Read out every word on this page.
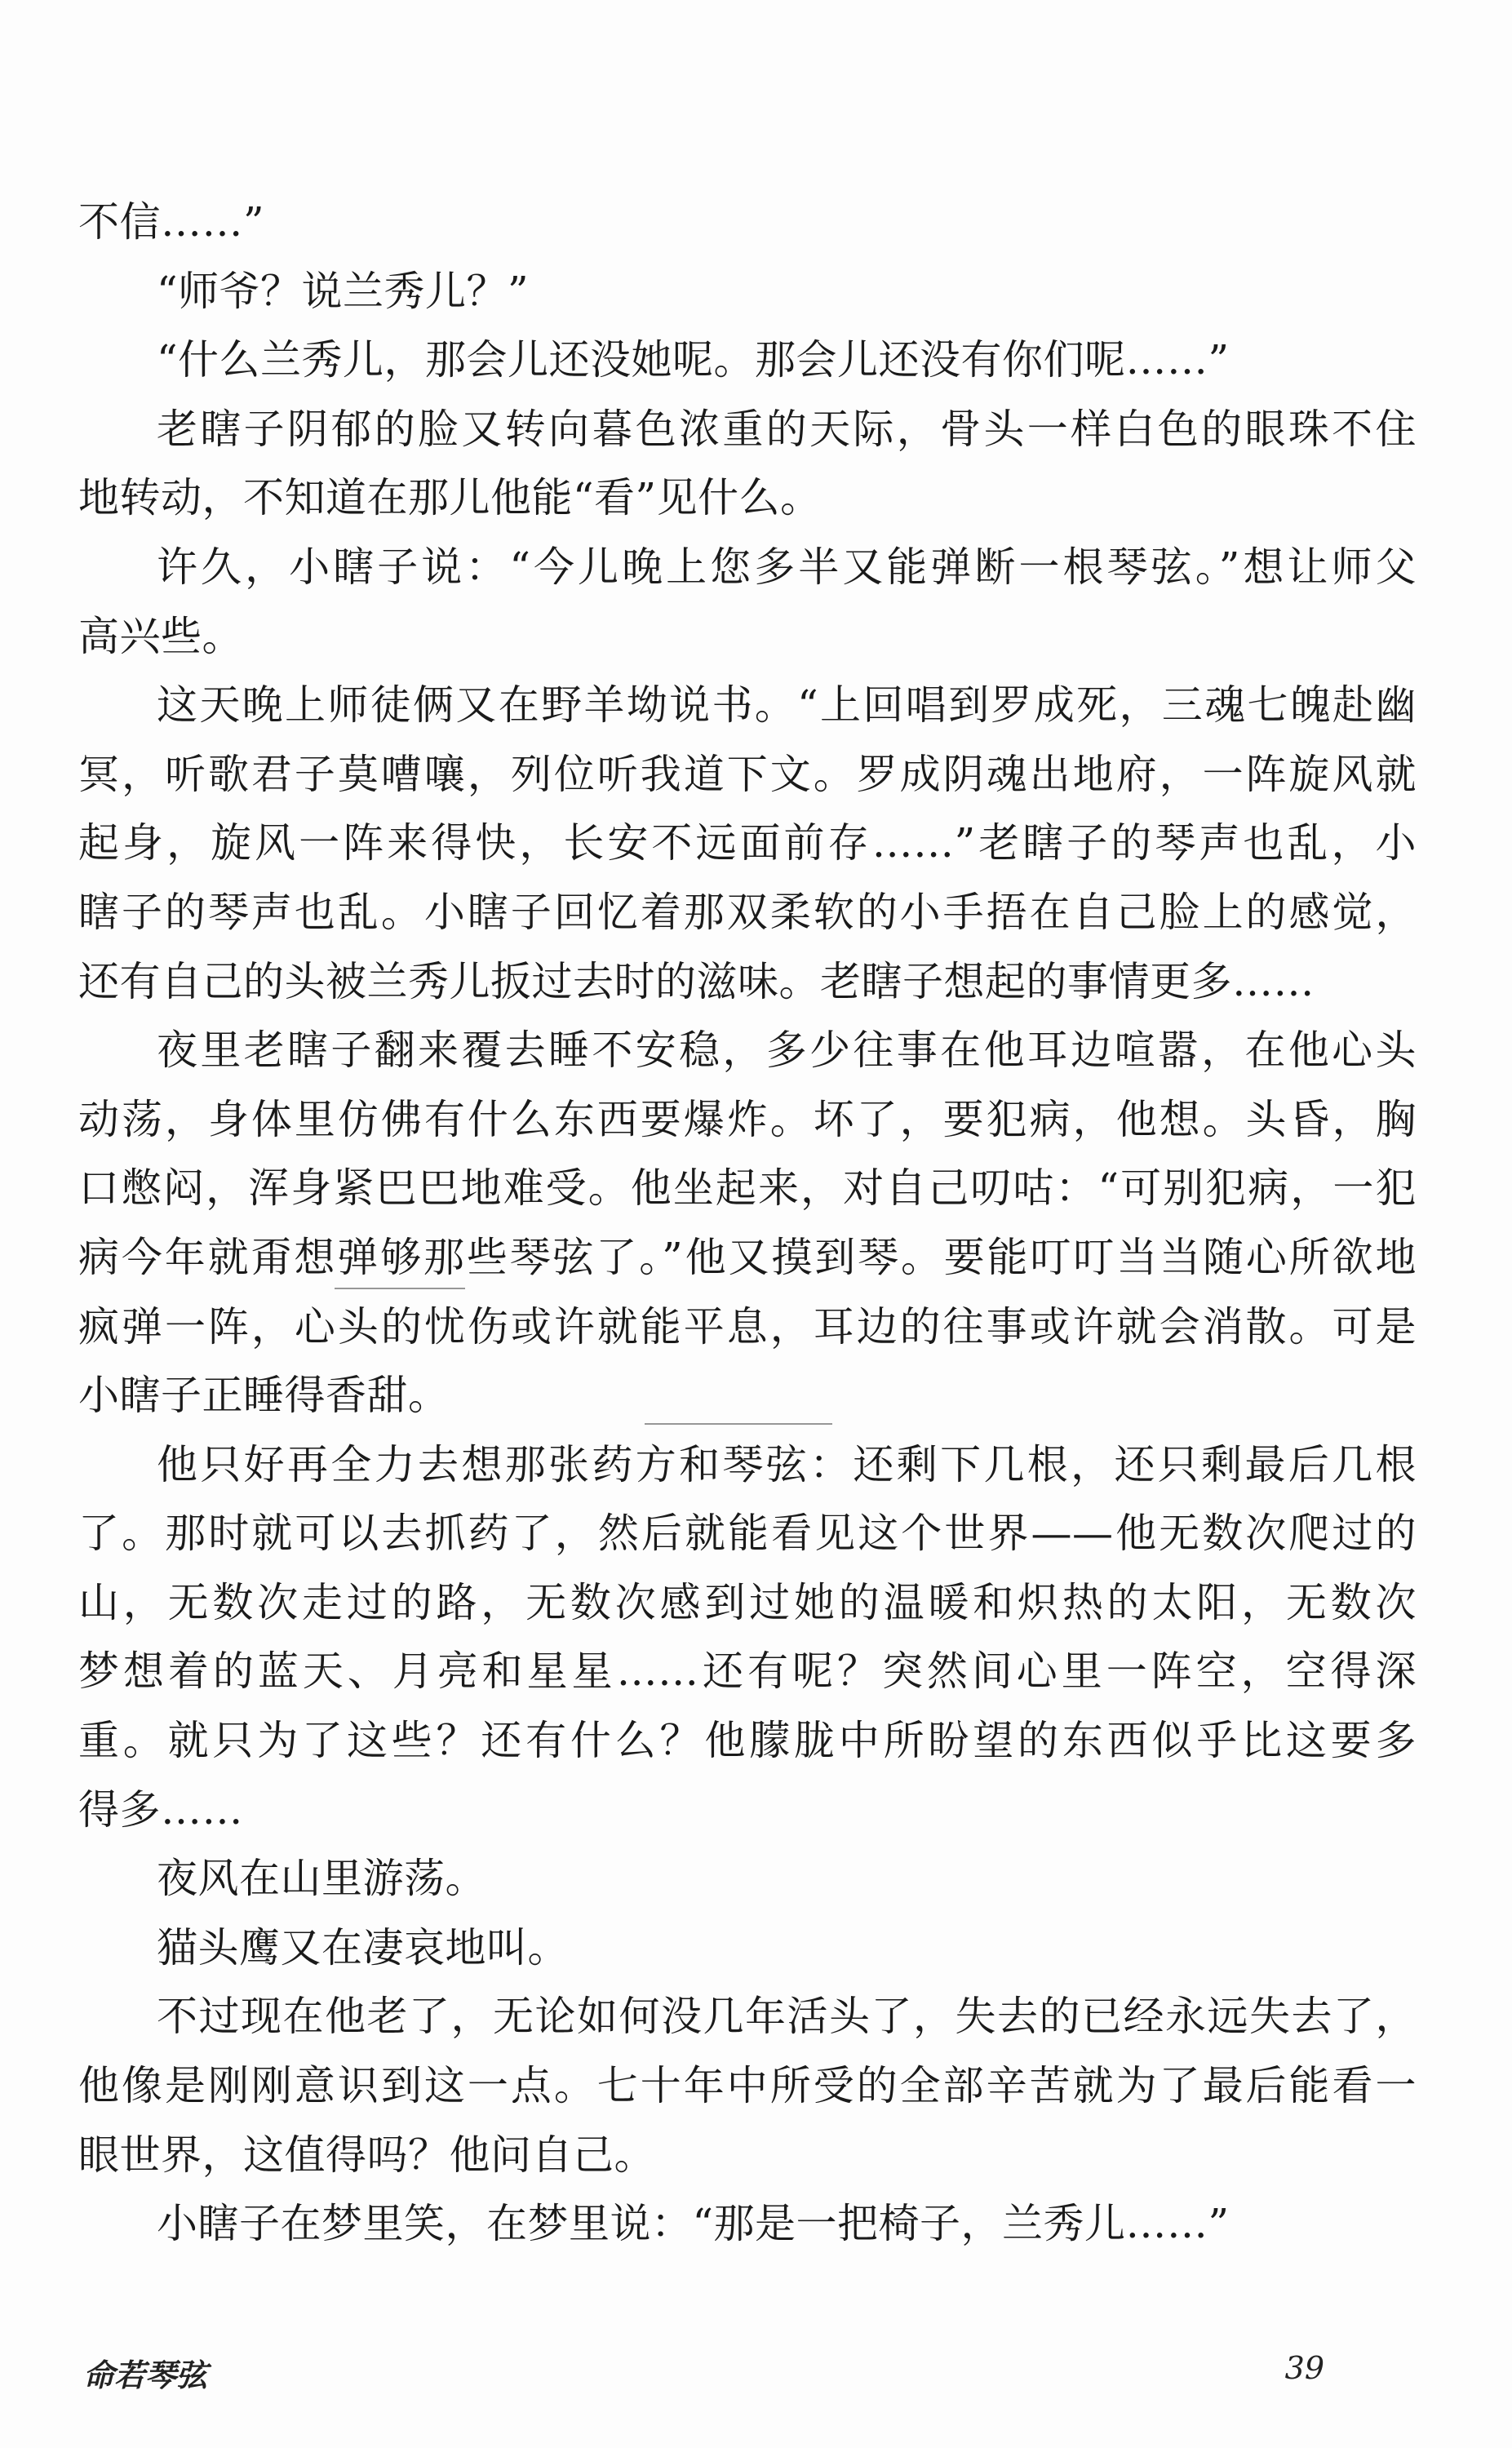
不信……”
“师爷？说兰秀儿？”
“什么兰秀儿，那会儿还没她呢。那会儿还没有你们呢……”
老瞎子阴郁的脸又转向暮色浓重的天际，骨头一样白色的眼珠不住
地转动，不知道在那儿他能“看”见什么。
许久，小瞎子说：“今儿晚上您多半又能弹断一根琴弦。”想让师父
高兴些。
这天晚上师徒俩又在野羊坳说书。“上回唱到罗成死，三魂七魄赴幽
冥，听歌君子莫嘈嚷，列位听我道下文。罗成阴魂出地府，一阵旋风就
起身，旋风一阵来得快，长安不远面前存……”老瞎子的琴声也乱，小
瞎子的琴声也乱。小瞎子回忆着那双柔软的小手捂在自己脸上的感觉，
还有自己的头被兰秀儿扳过去时的滋味。老瞎子想起的事情更多……
夜里老瞎子翻来覆去睡不安稳，多少往事在他耳边喧嚣，在他心头
动荡，身体里仿佛有什么东西要爆炸。坏了，要犯病，他想。头昏，胸
口憋闷，浑身紧巴巴地难受。他坐起来，对自己叨咕：“可别犯病，一犯
病今年就甭想弹够那些琴弦了。”他又摸到琴。要能叮叮当当随心所欲地
疯弹一阵，心头的忧伤或许就能平息，耳边的往事或许就会消散。可是
小瞎子正睡得香甜。
他只好再全力去想那张药方和琴弦：还剩下几根，还只剩最后几根
了。那时就可以去抓药了，然后就能看见这个世界——他无数次爬过的
山，无数次走过的路，无数次感到过她的温暖和炽热的太阳，无数次
梦想着的蓝天、月亮和星星……还有呢？突然间心里一阵空，空得深
重。就只为了这些？还有什么？他朦胧中所盼望的东西似乎比这要多
得多……
夜风在山里游荡。
猫头鹰又在凄哀地叫。
不过现在他老了，无论如何没几年活头了，失去的已经永远失去了，
他像是刚刚意识到这一点。七十年中所受的全部辛苦就为了最后能看一
眼世界，这值得吗？他问自己。
小瞎子在梦里笑，在梦里说：“那是一把椅子，兰秀儿……”
命若琴弦	39
